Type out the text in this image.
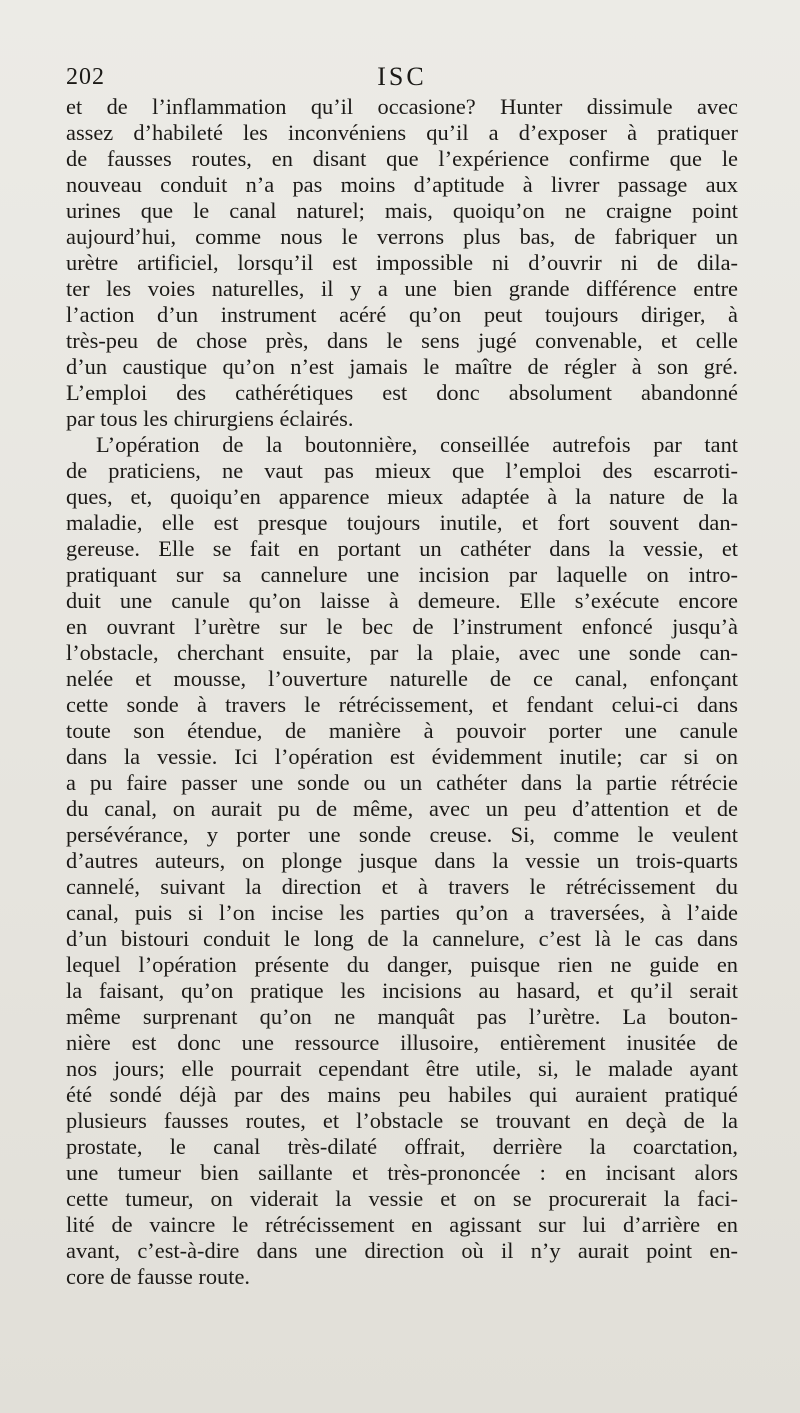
202	ISC
et de l’inflammation qu’il occasione? Hunter dissimule avec
assez d’habileté les inconvéniens qu’il a d’exposer à pratiquer
de fausses routes, en disant que l’expérience confirme que le
nouveau conduit n’a pas moins d’aptitude à livrer passage aux
urines que le canal naturel; mais, quoiqu’on ne craigne point
aujourd’hui, comme nous le verrons plus bas, de fabriquer un
urètre artificiel, lorsqu’il est impossible ni d’ouvrir ni de dila-
ter les voies naturelles, il y a une bien grande différence entre
l’action d’un instrument acéré qu’on peut toujours diriger, à
très-peu de chose près, dans le sens jugé convenable, et celle
d’un caustique qu’on n’est jamais le maître de régler à son gré.
L’emploi des cathérétiques est donc absolument abandonné
par tous les chirurgiens éclairés.
L’opération de la boutonnière, conseillée autrefois par tant
de praticiens, ne vaut pas mieux que l’emploi des escarroti-
ques, et, quoiqu’en apparence mieux adaptée à la nature de la
maladie, elle est presque toujours inutile, et fort souvent dan-
gereuse. Elle se fait en portant un cathéter dans la vessie, et
pratiquant sur sa cannelure une incision par laquelle on intro-
duit une canule qu’on laisse à demeure. Elle s’exécute encore
en ouvrant l’urètre sur le bec de l’instrument enfoncé jusqu’à
l’obstacle, cherchant ensuite, par la plaie, avec une sonde can-
nelée et mousse, l’ouverture naturelle de ce canal, enfonçant
cette sonde à travers le rétrécissement, et fendant celui-ci dans
toute son étendue, de manière à pouvoir porter une canule
dans la vessie. Ici l’opération est évidemment inutile; car si on
a pu faire passer une sonde ou un cathéter dans la partie rétrécie
du canal, on aurait pu de même, avec un peu d’attention et de
persévérance, y porter une sonde creuse. Si, comme le veulent
d’autres auteurs, on plonge jusque dans la vessie un trois-quarts
cannelé, suivant la direction et à travers le rétrécissement du
canal, puis si l’on incise les parties qu’on a traversées, à l’aide
d’un bistouri conduit le long de la cannelure, c’est là le cas dans
lequel l’opération présente du danger, puisque rien ne guide en
la faisant, qu’on pratique les incisions au hasard, et qu’il serait
même surprenant qu’on ne manquât pas l’urètre. La bouton-
nière est donc une ressource illusoire, entièrement inusitée de
nos jours; elle pourrait cependant être utile, si, le malade ayant
été sondé déjà par des mains peu habiles qui auraient pratiqué
plusieurs fausses routes, et l’obstacle se trouvant en deçà de la
prostate, le canal très-dilaté offrait, derrière la coarctation,
une tumeur bien saillante et très-prononcée : en incisant alors
cette tumeur, on viderait la vessie et on se procurerait la faci-
lité de vaincre le rétrécissement en agissant sur lui d’arrière en
avant, c’est-à-dire dans une direction où il n’y aurait point en-
core de fausse route.
